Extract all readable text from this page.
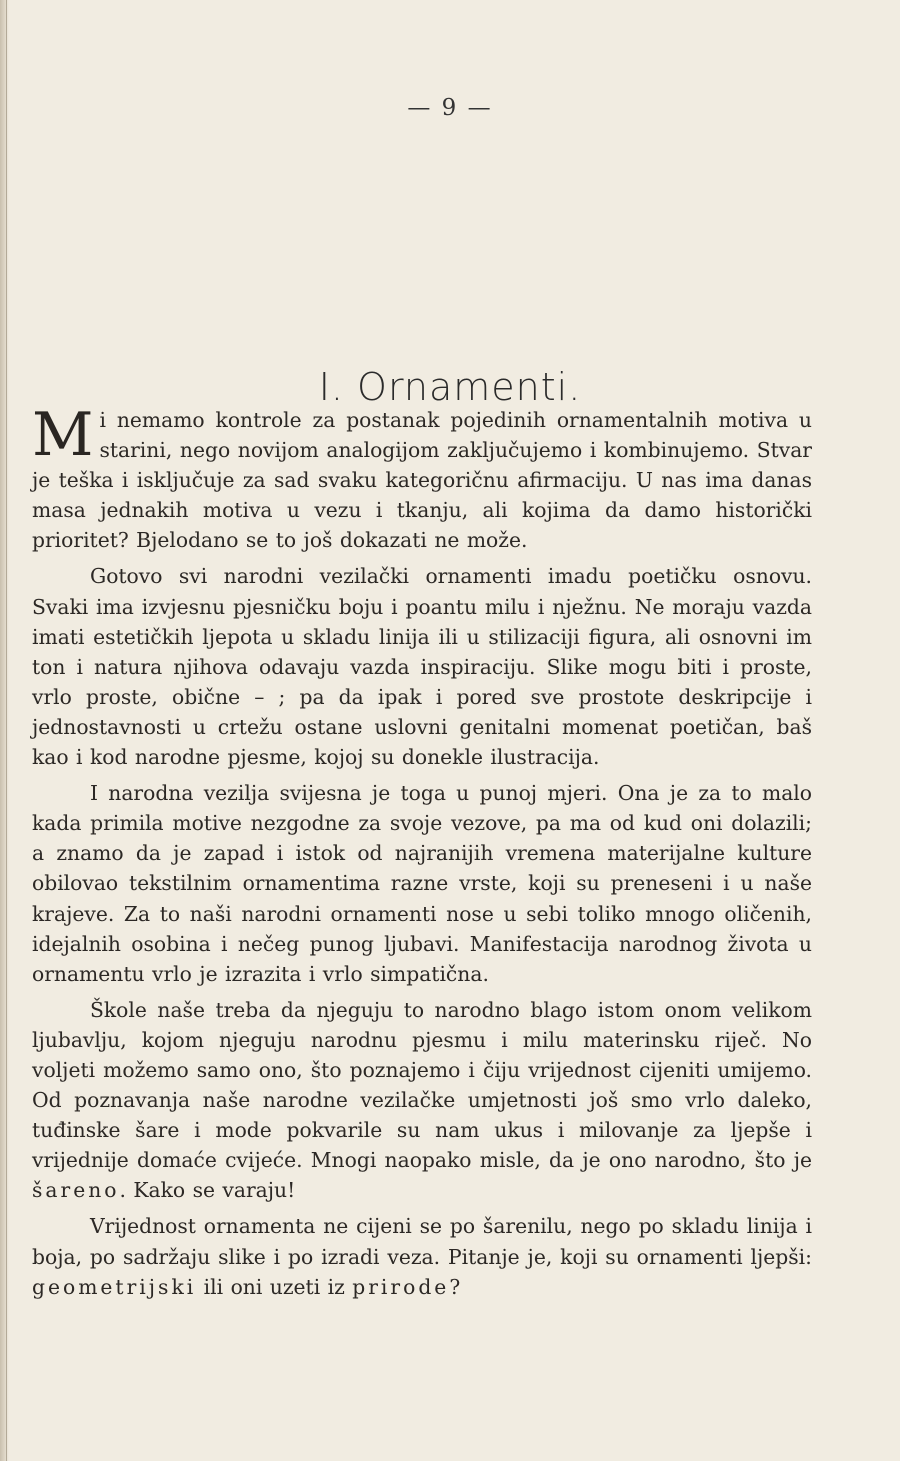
— 9 —
I. Ornamenti.

Mi nemamo kontrole za postanak pojedinih ornamentalnih motiva u starini, nego novijom analogijom zaključujemo i kombinujemo. Stvar je teška i isključuje za sad svaku kategoričnu afirmaciju. U nas ima danas masa jednakih motiva u vezu i tkanju, ali kojima da damo historički prioritet? Bjelodano se to još dokazati ne može.

Gotovo svi narodni vezilački ornamenti imadu poetičku osnovu. Svaki ima izvjesnu pjesničku boju i poantu milu i nježnu. Ne moraju vazda imati estetičkih ljepota u skladu linija ili u stilizaciji figura, ali osnovni im ton i natura njihova odavaju vazda inspiraciju. Slike mogu biti i proste, vrlo proste, obične – ; pa da ipak i pored sve prostote deskripcije i jednostavnosti u crtežu ostane uslovni genitalni momenat poetičan, baš kao i kod narodne pjesme, kojoj su donekle ilustracija.

I narodna vezilja svijesna je toga u punoj mjeri. Ona je za to malo kada primila motive nezgodne za svoje vezove, pa ma od kud oni dolazili; a znamo da je zapad i istok od najranijih vremena materijalne kulture obilovao tekstilnim ornamentima razne vrste, koji su preneseni i u naše krajeve. Za to naši narodni ornamenti nose u sebi toliko mnogo oličenih, idejalnih osobina i nečeg punog ljubavi. Manifestacija narodnog života u ornamentu vrlo je izrazita i vrlo simpatična.

Škole naše treba da njeguju to narodno blago istom onom velikom ljubavlju, kojom njeguju narodnu pjesmu i milu materinsku riječ. No voljeti možemo samo ono, što poznajemo i čiju vrijednost cijeniti umijemo. Od poznavanja naše narodne vezilačke umjetnosti još smo vrlo daleko, tuđinske šare i mode pokvarile su nam ukus i milovanje za ljepše i vrijednije domaće cvijeće. Mnogi naopako misle, da je ono narodno, što je šareno. Kako se varaju!

Vrijednost ornamenta ne cijeni se po šarenilu, nego po skladu linija i boja, po sadržaju slike i po izradi veza. Pitanje je, koji su ornamenti ljepši: geometrijski ili oni uzeti iz prirode?
